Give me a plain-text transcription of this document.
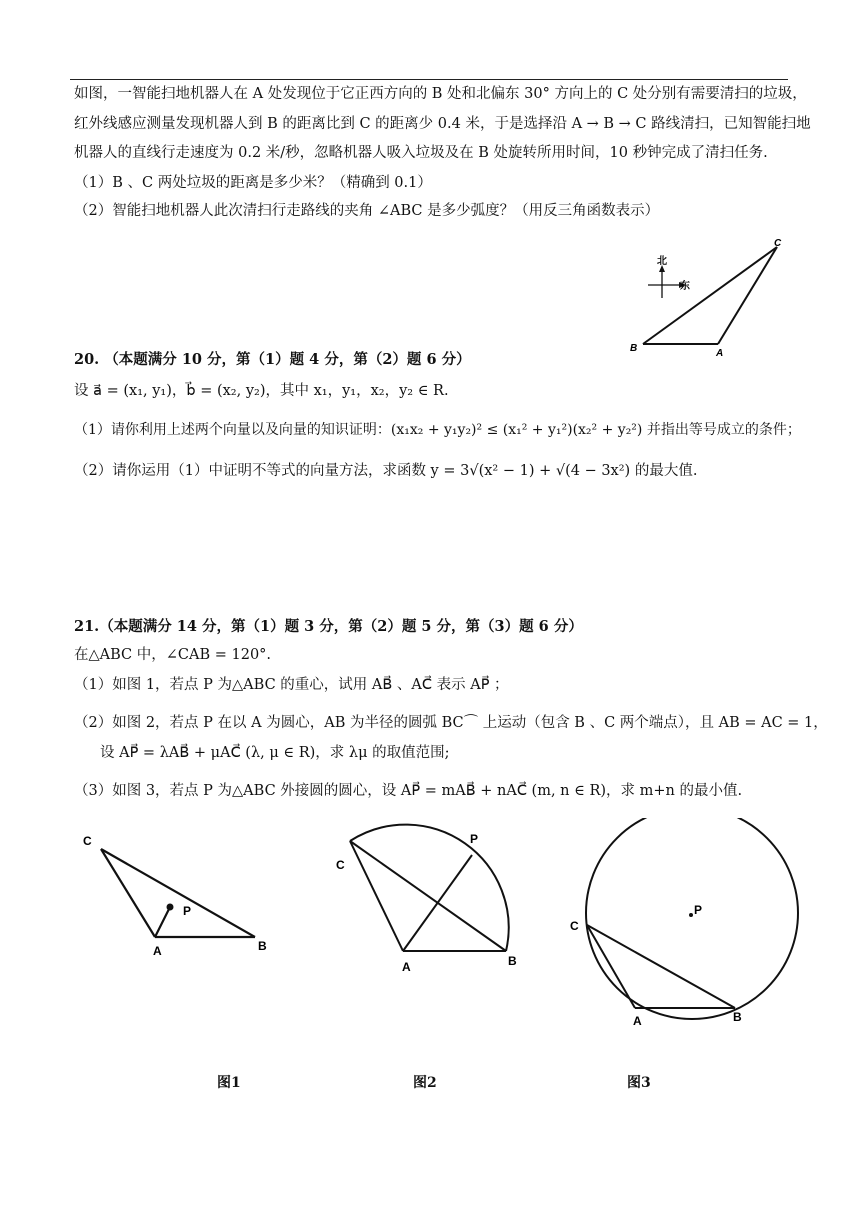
如图，一智能扫地机器人在 A 处发现位于它正西方向的 B 处和北偏东 30° 方向上的 C 处分别有需要清扫的垃圾，
红外线感应测量发现机器人到 B 的距离比到 C 的距离少 0.4 米，于是选择沿 A → B → C 路线清扫，已知智能扫地
机器人的直线行走速度为 0.2 米/秒，忽略机器人吸入垃圾及在 B 处旋转所用时间，10 秒钟完成了清扫任务.
（1）B 、C 两处垃圾的距离是多少米？（精确到 0.1）
（2）智能扫地机器人此次清扫行走路线的夹角 ∠ABC 是多少弧度？（用反三角函数表示）
北
东
B	A
C
20. （本题满分 10 分，第（1）题 4 分，第（2）题 6 分）
设 a⃗ = (x₁, y₁)，b⃗ = (x₂, y₂)，其中 x₁，y₁，x₂，y₂ ∈ R.
（1）请你利用上述两个向量以及向量的知识证明：(x₁x₂ + y₁y₂)² ≤ (x₁² + y₁²)(x₂² + y₂²) 并指出等号成立的条件；
（2）请你运用（1）中证明不等式的向量方法，求函数 y = 3√(x² − 1) + √(4 − 3x²) 的最大值.
21.（本题满分 14 分，第（1）题 3 分，第（2）题 5 分，第（3）题 6 分）
在△ABC 中，∠CAB = 120°.
（1）如图 1，若点 P 为△ABC 的重心，试用 AB⃗ 、AC⃗ 表示 AP⃗ ；
（2）如图 2，若点 P 在以 A 为圆心，AB 为半径的圆弧 BC⌒ 上运动（包含 B 、C 两个端点），且 AB = AC = 1，
设 AP⃗ = λAB⃗ + μAC⃗ (λ, μ ∈ R)，求 λμ 的取值范围;
（3）如图 3，若点 P 为△ABC 外接圆的圆心，设 AP⃗ = mAB⃗ + nAC⃗ (m, n ∈ R)，求 m+n 的最小值.
C
P
A	B
C
P
A	B
C
P
A	B
图1	图2	图3
